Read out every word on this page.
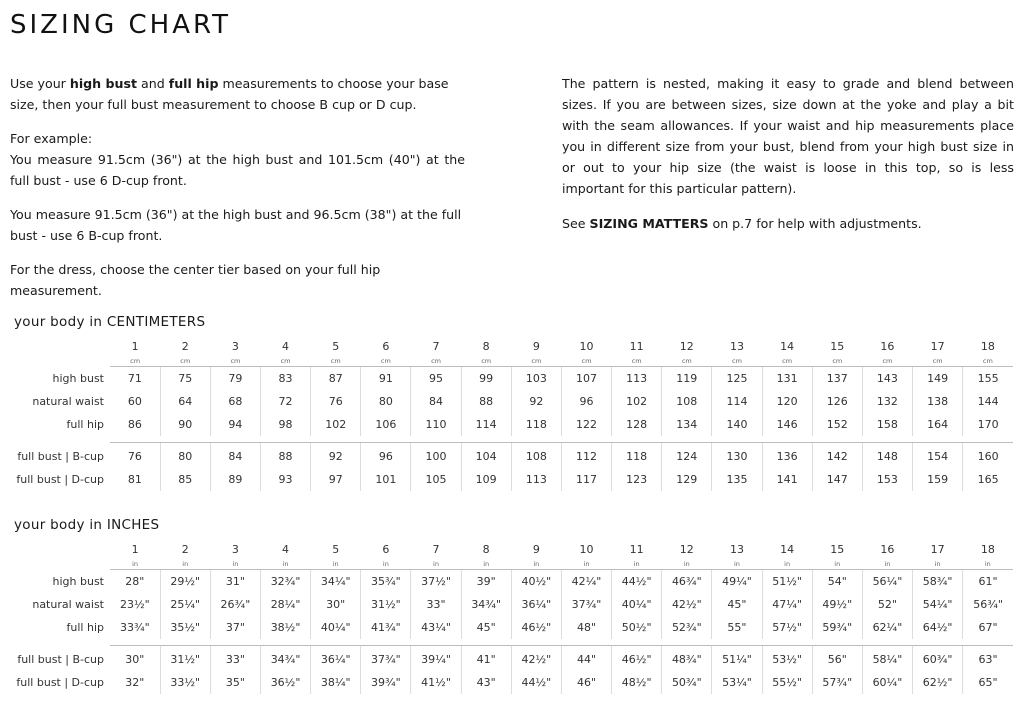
SIZING CHART

Use your high bust and full hip measurements to choose your base size, then your full bust measurement to choose B cup or D cup.

For example:
You measure 91.5cm (36") at the high bust and 101.5cm (40") at the full bust - use 6 D-cup front.

You measure 91.5cm (36") at the high bust and 96.5cm (38") at the full bust - use 6 B-cup front.

For the dress, choose the center tier based on your full hip measurement.

The pattern is nested, making it easy to grade and blend between sizes. If you are between sizes, size down at the yoke and play a bit with the seam allowances. If your waist and hip measurements place you in different size from your bust, blend from your high bust size in or out to your hip size (the waist is loose in this top, so is less important for this particular pattern).

See SIZING MATTERS on p.7 for help with adjustments.

your body in CENTIMETERS
	1	2	3	4	5	6	7	8	9	10	11	12	13	14	15	16	17	18
	cm	cm	cm	cm	cm	cm	cm	cm	cm	cm	cm	cm	cm	cm	cm	cm	cm	cm
high bust	71	75	79	83	87	91	95	99	103	107	113	119	125	131	137	143	149	155
natural waist	60	64	68	72	76	80	84	88	92	96	102	108	114	120	126	132	138	144
full hip	86	90	94	98	102	106	110	114	118	122	128	134	140	146	152	158	164	170

full bust | B-cup	76	80	84	88	92	96	100	104	108	112	118	124	130	136	142	148	154	160
full bust | D-cup	81	85	89	93	97	101	105	109	113	117	123	129	135	141	147	153	159	165
your body in INCHES
	1	2	3	4	5	6	7	8	9	10	11	12	13	14	15	16	17	18
	in	in	in	in	in	in	in	in	in	in	in	in	in	in	in	in	in	in
high bust	28"	29½"	31"	32¾"	34¼"	35¾"	37½"	39"	40½"	42¼"	44½"	46¾"	49¼"	51½"	54"	56¼"	58¾"	61"
natural waist	23½"	25¼"	26¾"	28¼"	30"	31½"	33"	34¾"	36¼"	37¾"	40¼"	42½"	45"	47¼"	49½"	52"	54¼"	56¾"
full hip	33¾"	35½"	37"	38½"	40¼"	41¾"	43¼"	45"	46½"	48"	50½"	52¾"	55"	57½"	59¾"	62¼"	64½"	67"

full bust | B-cup	30"	31½"	33"	34¾"	36¼"	37¾"	39¼"	41"	42½"	44"	46½"	48¾"	51¼"	53½"	56"	58¼"	60¾"	63"
full bust | D-cup	32"	33½"	35"	36½"	38¼"	39¾"	41½"	43"	44½"	46"	48½"	50¾"	53¼"	55½"	57¾"	60¼"	62½"	65"
